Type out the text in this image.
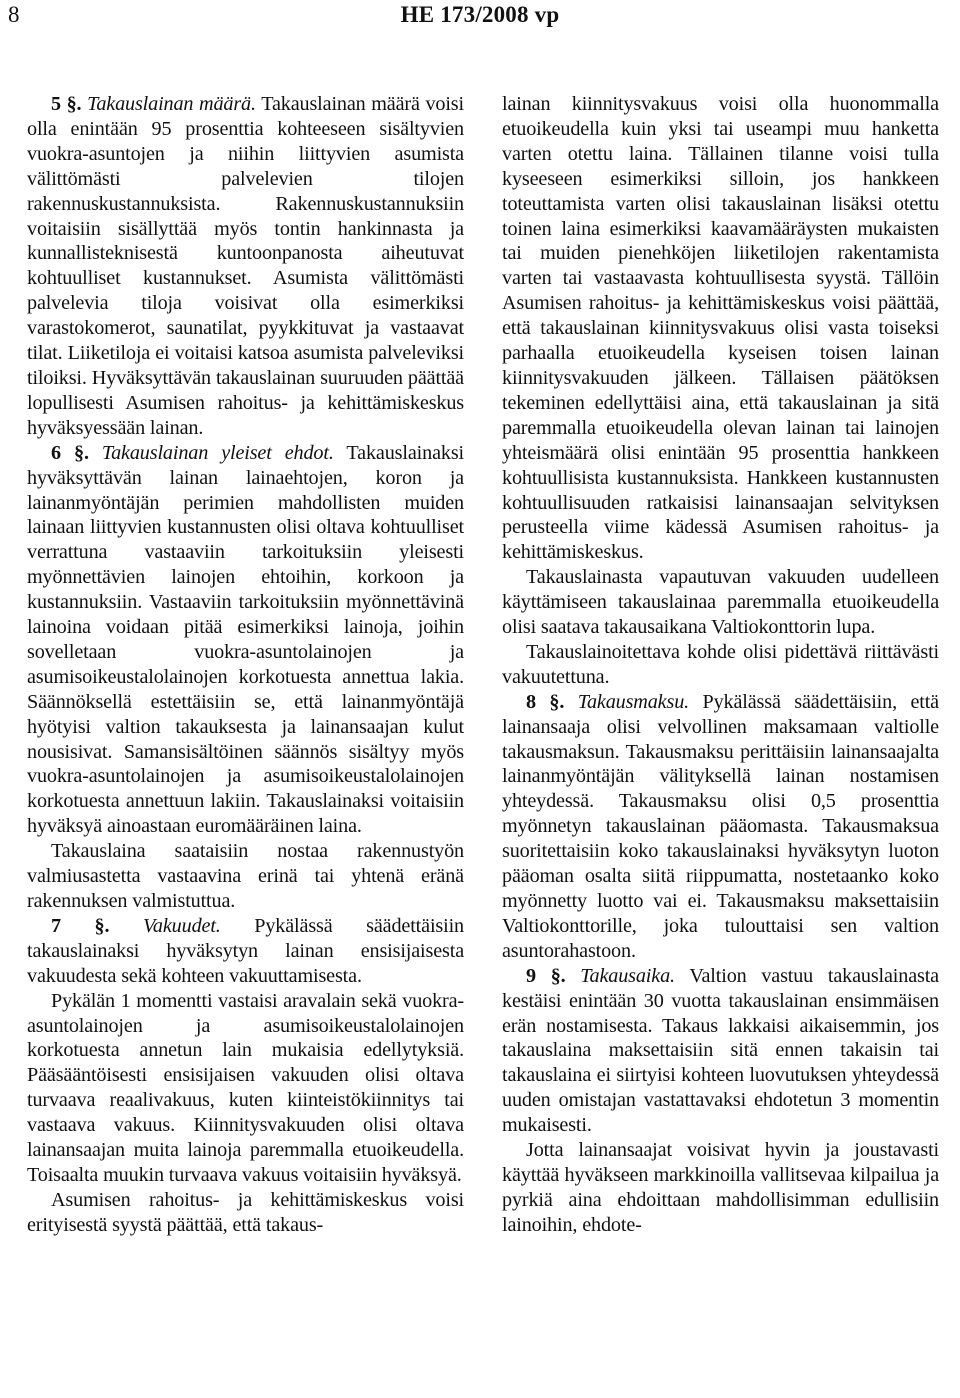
8	HE 173/2008 vp

5 §. Takauslainan määrä. Takauslainan määrä voisi olla enintään 95 prosenttia kohteeseen sisältyvien vuokra-asuntojen ja niihin liittyvien asumista välittömästi palvelevien tilojen rakennuskustannuksista. Rakennuskustannuksiin voitaisiin sisällyttää myös tontin hankinnasta ja kunnallisteknisestä kuntoonpanosta aiheutuvat kohtuulliset kustannukset. Asumista välittömästi palvelevia tiloja voisivat olla esimerkiksi varastokomerot, saunatilat, pyykkituvat ja vastaavat tilat. Liiketiloja ei voitaisi katsoa asumista palveleviksi tiloiksi. Hyväksyttävän takauslainan suuruuden päättää lopullisesti Asumisen rahoitus- ja kehittämiskeskus hyväksyessään lainan.

6 §. Takauslainan yleiset ehdot. Takauslainaksi hyväksyttävän lainan lainaehtojen, koron ja lainanmyöntäjän perimien mahdollisten muiden lainaan liittyvien kustannusten olisi oltava kohtuulliset verrattuna vastaaviin tarkoituksiin yleisesti myönnettävien lainojen ehtoihin, korkoon ja kustannuksiin. Vastaaviin tarkoituksiin myönnettävinä lainoina voidaan pitää esimerkiksi lainoja, joihin sovelletaan vuokra-asuntolainojen ja asumisoikeustalolainojen korkotuesta annettua lakia. Säännöksellä estettäisiin se, että lainanmyöntäjä hyötyisi valtion takauksesta ja lainansaajan kulut nousisivat. Samansisältöinen säännös sisältyy myös vuokra-asuntolainojen ja asumisoikeustalolainojen korkotuesta annettuun lakiin. Takauslainaksi voitaisiin hyväksyä ainoastaan euromääräinen laina.

Takauslaina saataisiin nostaa rakennustyön valmiusastetta vastaavina erinä tai yhtenä eränä rakennuksen valmistuttua.

7 §. Vakuudet. Pykälässä säädettäisiin takauslainaksi hyväksytyn lainan ensisijaisesta vakuudesta sekä kohteen vakuuttamisesta.

Pykälän 1 momentti vastaisi aravalain sekä vuokra-asuntolainojen ja asumisoikeustalolainojen korkotuesta annetun lain mukaisia edellytyksiä. Pääsääntöisesti ensisijaisen vakuuden olisi oltava turvaava reaalivakuus, kuten kiinteistökiinnitys tai vastaava vakuus. Kiinnitysvakuuden olisi oltava lainansaajan muita lainoja paremmalla etuoikeudella. Toisaalta muukin turvaava vakuus voitaisiin hyväksyä.

Asumisen rahoitus- ja kehittämiskeskus voisi erityisestä syystä päättää, että takaus-

lainan kiinnitysvakuus voisi olla huonommalla etuoikeudella kuin yksi tai useampi muu hanketta varten otettu laina. Tällainen tilanne voisi tulla kyseeseen esimerkiksi silloin, jos hankkeen toteuttamista varten olisi takauslainan lisäksi otettu toinen laina esimerkiksi kaavamääräysten mukaisten tai muiden pienehköjen liiketilojen rakentamista varten tai vastaavasta kohtuullisesta syystä. Tällöin Asumisen rahoitus- ja kehittämiskeskus voisi päättää, että takauslainan kiinnitysvakuus olisi vasta toiseksi parhaalla etuoikeudella kyseisen toisen lainan kiinnitysvakuuden jälkeen. Tällaisen päätöksen tekeminen edellyttäisi aina, että takauslainan ja sitä paremmalla etuoikeudella olevan lainan tai lainojen yhteismäärä olisi enintään 95 prosenttia hankkeen kohtuullisista kustannuksista. Hankkeen kustannusten kohtuullisuuden ratkaisisi lainansaajan selvityksen perusteella viime kädessä Asumisen rahoitus- ja kehittämiskeskus.

Takauslainasta vapautuvan vakuuden uudelleen käyttämiseen takauslainaa paremmalla etuoikeudella olisi saatava takausaikana Valtiokonttorin lupa.

Takauslainoitettava kohde olisi pidettävä riittävästi vakuutettuna.

8 §. Takausmaksu. Pykälässä säädettäisiin, että lainansaaja olisi velvollinen maksamaan valtiolle takausmaksun. Takausmaksu perittäisiin lainansaajalta lainanmyöntäjän välityksellä lainan nostamisen yhteydessä. Takausmaksu olisi 0,5 prosenttia myönnetyn takauslainan pääomasta. Takausmaksua suoritettaisiin koko takauslainaksi hyväksytyn luoton pääoman osalta siitä riippumatta, nostetaanko koko myönnetty luotto vai ei. Takausmaksu maksettaisiin Valtiokonttorille, joka tulouttaisi sen valtion asuntorahastoon.

9 §. Takausaika. Valtion vastuu takauslainasta kestäisi enintään 30 vuotta takauslainan ensimmäisen erän nostamisesta. Takaus lakkaisi aikaisemmin, jos takauslaina maksettaisiin sitä ennen takaisin tai takauslaina ei siirtyisi kohteen luovutuksen yhteydessä uuden omistajan vastattavaksi ehdotetun 3 momentin mukaisesti.

Jotta lainansaajat voisivat hyvin ja joustavasti käyttää hyväkseen markkinoilla vallitsevaa kilpailua ja pyrkiä aina ehdoittaan mahdollisimman edullisiin lainoihin, ehdote-
